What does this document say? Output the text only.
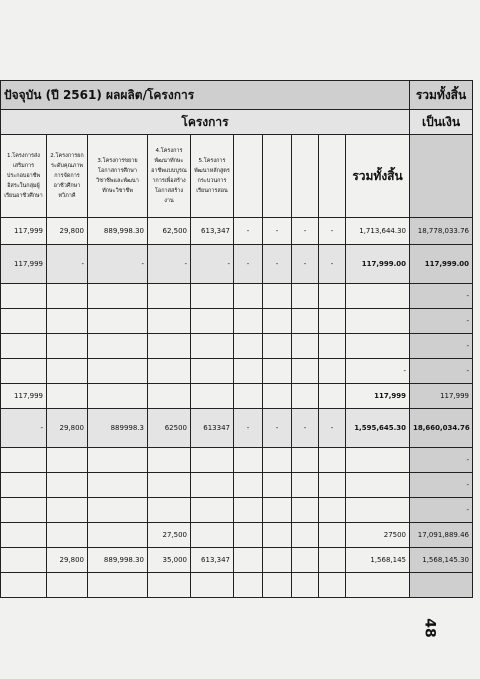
ปัจจุบัน (ปี 2561) ผลผลิต/โครงการ										รวมทั้งสิ้น
โครงการ										เป็นเงิน
1.โครงการส่งเสริมการประกอบอาชีพอิสระในกลุ่มผู้เรียนอาชีวศึกษา	2.โครงการยกระดับคุณภาพการจัดการอาชีวศึกษาทวิภาคี	3.โครงการขยายโอกาสการศึกษาวิชาชีพและพัฒนาทักษะวิชาชีพ	4.โครงการพัฒนาทักษะอาชีพแบบบูรณาการเพื่อสร้างโอกาสสร้างงาน	5.โครงการพัฒนาหลักสูตรกระบวนการเรียนการสอน					รวมทั้งสิ้น	
117,999	29,800	889,998.30	62,500	613,347	-	-	-	-	1,713,644.30	18,778,033.76
117,999	-	-	-	-	-	-	-	-	117,999.00	117,999.00
										-
										-
										-
									-	-
117,999									117,999	117,999
-	29,800	889998.3	62500	613347	-	-	-	-	1,595,645.30	18,660,034.76
										-
										-
										-
			27,500						27500	17,091,889.46
	29,800	889,998.30	35,000	613,347					1,568,145	1,568,145.30

48
